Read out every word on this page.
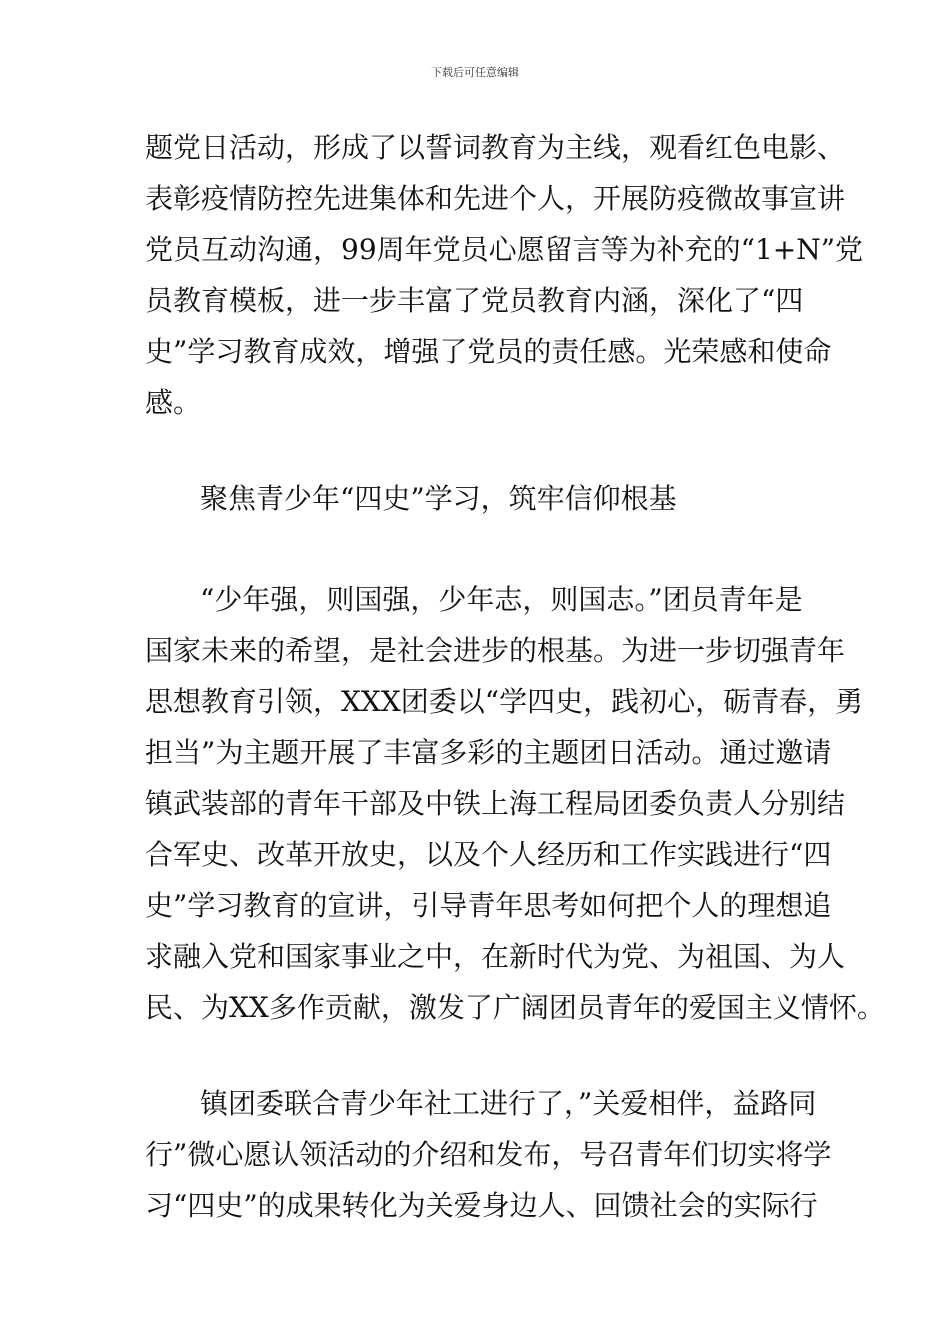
下载后可任意编辑
题党日活动，形成了以誓词教育为主线，观看红色电影、
表彰疫情防控先进集体和先进个人，开展防疫微故事宣讲
党员互动沟通，99周年党员心愿留言等为补充的“1+N”党
员教育模板，进一步丰富了党员教育内涵，深化了“四
史”学习教育成效，增强了党员的责任感。光荣感和使命
感。
聚焦青少年“四史”学习，筑牢信仰根基
“少年强，则国强，少年志，则国志。”团员青年是
国家未来的希望，是社会进步的根基。为进一步切强青年
思想教育引领，XXX团委以“学四史，践初心，砺青春，勇
担当”为主题开展了丰富多彩的主题团日活动。通过邀请
镇武装部的青年干部及中铁上海工程局团委负责人分别结
合军史、改革开放史，以及个人经历和工作实践进行“四
史”学习教育的宣讲，引导青年思考如何把个人的理想追
求融入党和国家事业之中，在新时代为党、为祖国、为人
民、为XX多作贡献，激发了广阔团员青年的爱国主义情怀。
镇团委联合青少年社工进行了，”关爱相伴，益路同
行”微心愿认领活动的介绍和发布，号召青年们切实将学
习“四史”的成果转化为关爱身边人、回馈社会的实际行
